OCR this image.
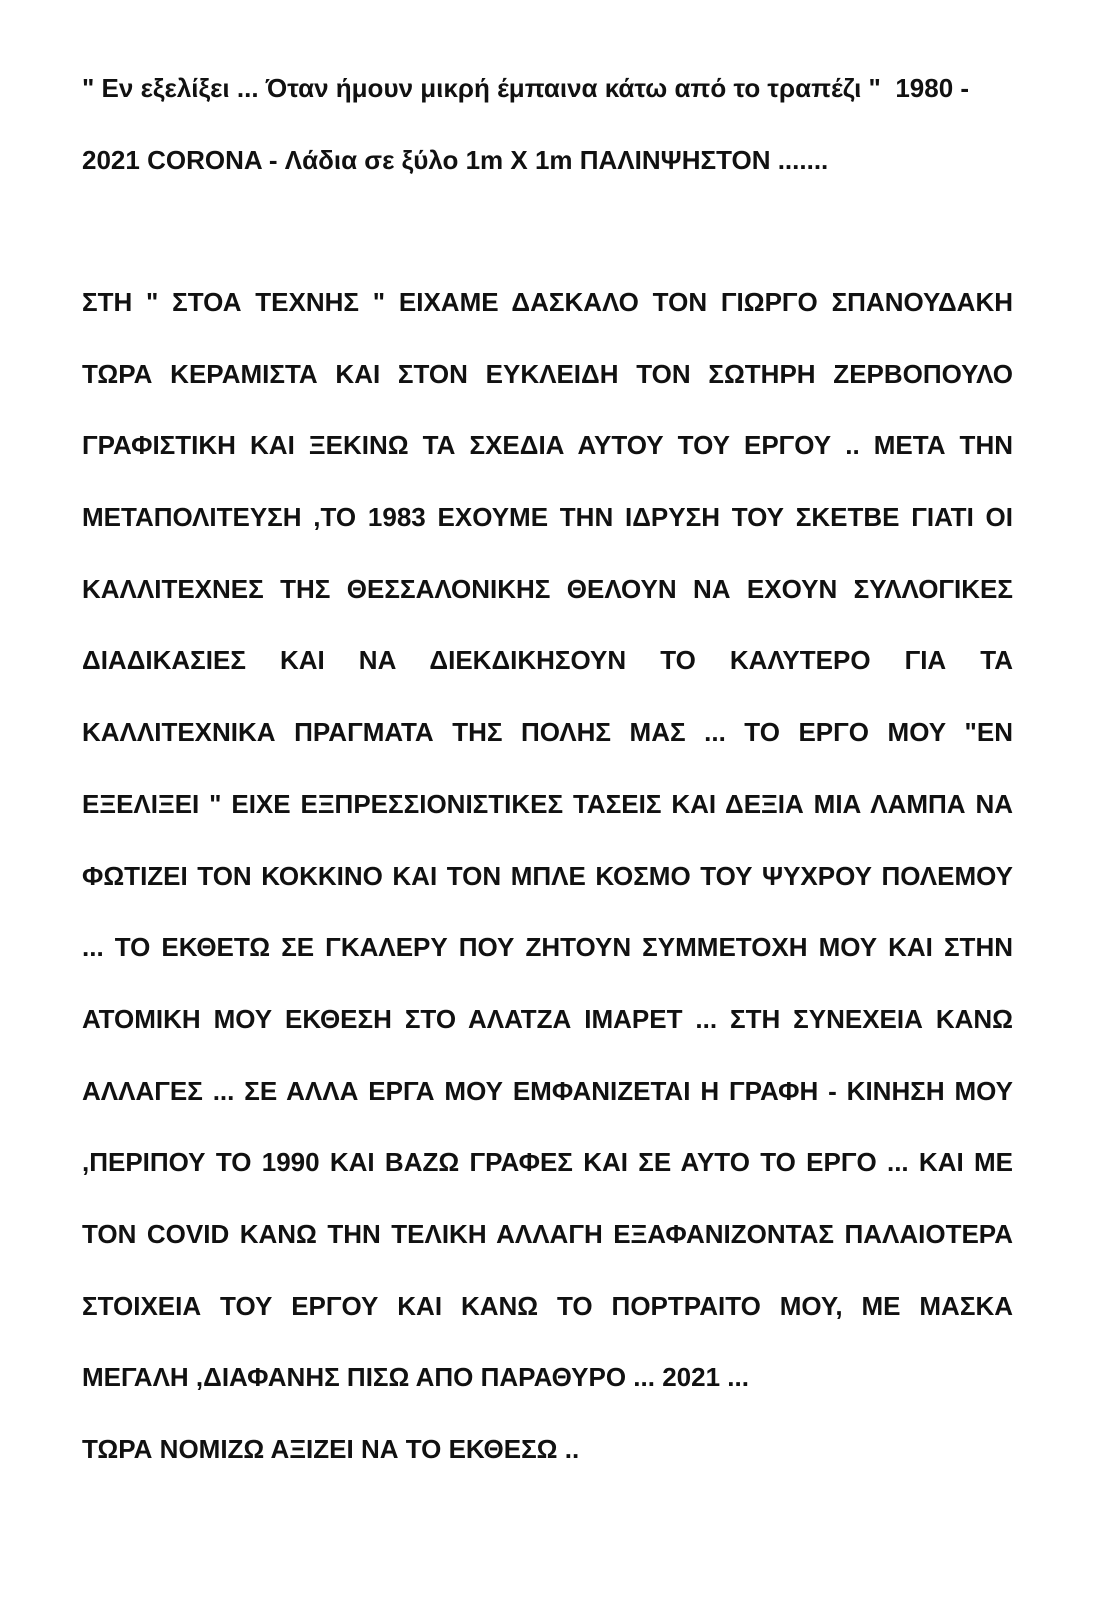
" Εν εξελίξει ... Όταν ήμουν μικρή έμπαινα κάτω από το τραπέζι "  1980 -
2021 CORONA - Λάδια σε ξύλο 1m X 1m ΠΑΛΙΝΨΗΣΤΟΝ .......
ΣΤΗ " ΣΤΟΑ ΤΕΧΝΗΣ " ΕΙΧΑΜΕ ΔΑΣΚΑΛΟ ΤΟΝ ΓΙΩΡΓΟ ΣΠΑΝΟΥΔΑΚΗ
ΤΩΡΑ ΚΕΡΑΜΙΣΤΑ ΚΑΙ ΣΤΟΝ ΕΥΚΛΕΙΔΗ ΤΟΝ ΣΩΤΗΡΗ ΖΕΡΒΟΠΟΥΛΟ
ΓΡΑΦΙΣΤΙΚΗ ΚΑΙ ΞΕΚΙΝΩ ΤΑ ΣΧΕΔΙΑ ΑΥΤΟΥ ΤΟΥ ΕΡΓΟΥ .. ΜΕΤΑ ΤΗΝ
ΜΕΤΑΠΟΛΙΤΕΥΣΗ ,ΤΟ 1983 ΕΧΟΥΜΕ ΤΗΝ ΙΔΡΥΣΗ ΤΟΥ ΣΚΕΤΒΕ ΓΙΑΤΙ ΟΙ
ΚΑΛΛΙΤΕΧΝΕΣ ΤΗΣ ΘΕΣΣΑΛΟΝΙΚΗΣ ΘΕΛΟΥΝ ΝΑ ΕΧΟΥΝ ΣΥΛΛΟΓΙΚΕΣ
ΔΙΑΔΙΚΑΣΙΕΣ ΚΑΙ ΝΑ ΔΙΕΚΔΙΚΗΣΟΥΝ ΤΟ ΚΑΛΥΤΕΡΟ ΓΙΑ ΤΑ
ΚΑΛΛΙΤΕΧΝΙΚΑ ΠΡΑΓΜΑΤΑ ΤΗΣ ΠΟΛΗΣ ΜΑΣ ... ΤΟ ΕΡΓΟ ΜΟΥ "ΕΝ
ΕΞΕΛΙΞΕΙ " ΕΙΧΕ ΕΞΠΡΕΣΣΙΟΝΙΣΤΙΚΕΣ ΤΑΣΕΙΣ ΚΑΙ ΔΕΞΙΑ ΜΙΑ ΛΑΜΠΑ ΝΑ
ΦΩΤΙΖΕΙ ΤΟΝ ΚΟΚΚΙΝΟ ΚΑΙ ΤΟΝ ΜΠΛΕ ΚΟΣΜΟ ΤΟΥ ΨΥΧΡΟΥ ΠΟΛΕΜΟΥ
... ΤΟ ΕΚΘΕΤΩ ΣΕ ΓΚΑΛΕΡΥ ΠΟΥ ΖΗΤΟΥΝ ΣΥΜΜΕΤΟΧΗ ΜΟΥ ΚΑΙ ΣΤΗΝ
ΑΤΟΜΙΚΗ ΜΟΥ ΕΚΘΕΣΗ ΣΤΟ ΑΛΑΤΖΑ ΙΜΑΡΕΤ ... ΣΤΗ ΣΥΝΕΧΕΙΑ ΚΑΝΩ
ΑΛΛΑΓΕΣ ... ΣΕ ΑΛΛΑ ΕΡΓΑ ΜΟΥ ΕΜΦΑΝΙΖΕΤΑΙ Η ΓΡΑΦΗ - ΚΙΝΗΣΗ ΜΟΥ
,ΠΕΡΙΠΟΥ ΤΟ 1990 ΚΑΙ ΒΑΖΩ ΓΡΑΦΕΣ ΚΑΙ ΣΕ ΑΥΤΟ ΤΟ ΕΡΓΟ ... ΚΑΙ ΜΕ
ΤΟΝ COVID ΚΑΝΩ ΤΗΝ ΤΕΛΙΚΗ ΑΛΛΑΓΗ ΕΞΑΦΑΝΙΖΟΝΤΑΣ ΠΑΛΑΙΟΤΕΡΑ
ΣΤΟΙΧΕΙΑ ΤΟΥ ΕΡΓΟΥ ΚΑΙ ΚΑΝΩ ΤΟ ΠΟΡΤΡΑΙΤΟ ΜΟΥ, ΜΕ ΜΑΣΚΑ
ΜΕΓΑΛΗ ,ΔΙΑΦΑΝΗΣ ΠΙΣΩ ΑΠΟ ΠΑΡΑΘΥΡΟ ... 2021 ...
ΤΩΡΑ ΝΟΜΙΖΩ ΑΞΙΖΕΙ ΝΑ ΤΟ ΕΚΘΕΣΩ ..
